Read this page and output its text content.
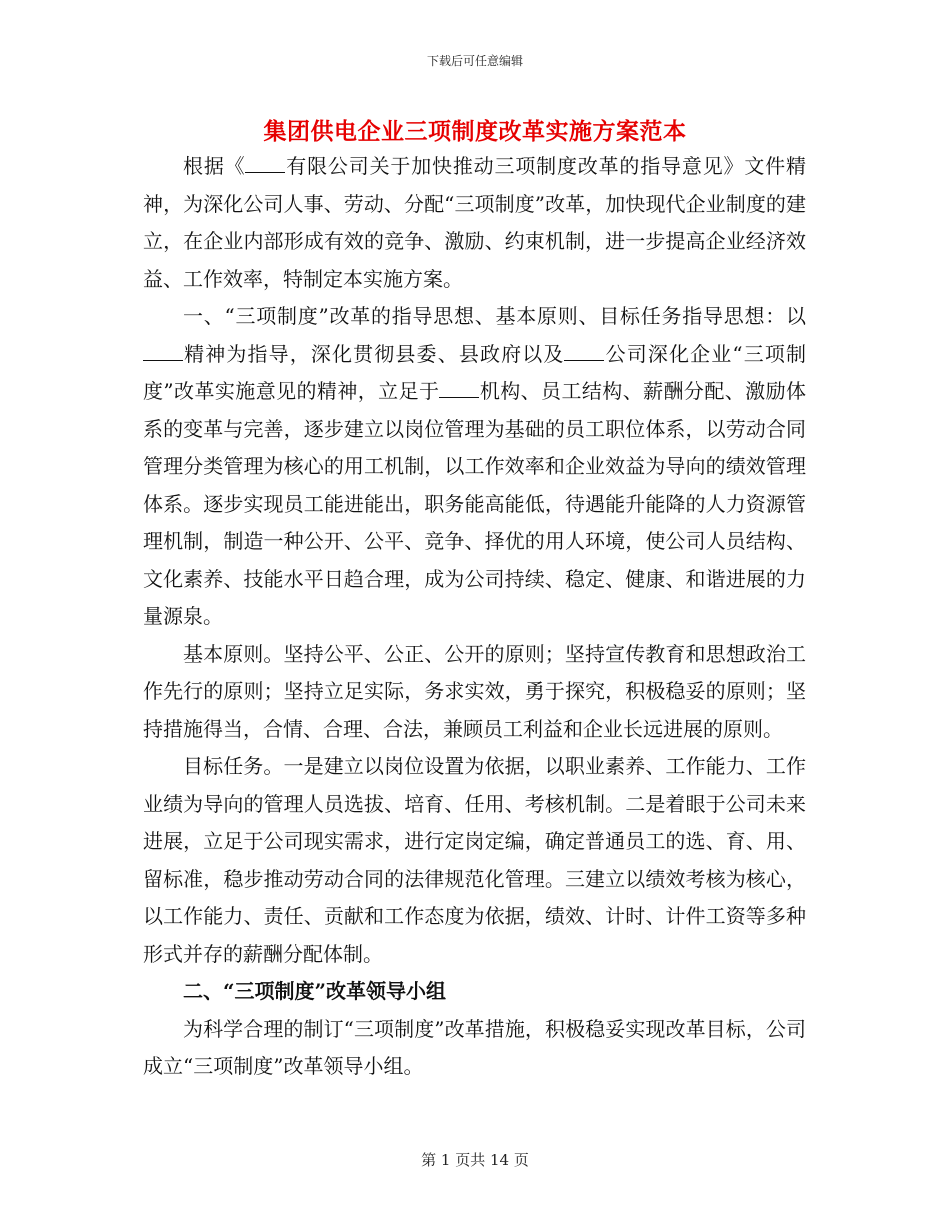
下载后可任意编辑
集团供电企业三项制度改革实施方案范本

根据《 有限公司关于加快推动三项制度改革的指导意见》文件精神，为深化公司人事、劳动、分配“三项制度”改革，加快现代企业制度的建立，在企业内部形成有效的竞争、激励、约束机制，进一步提高企业经济效益、工作效率，特制定本实施方案。

一、“三项制度”改革的指导思想、基本原则、目标任务指导思想：以精神为指导，深化贯彻县委、县政府以及 公司深化企业“三项制度”改革实施意见的精神，立足于 机构、员工结构、薪酬分配、激励体系的变革与完善，逐步建立以岗位管理为基础的员工职位体系，以劳动合同管理分类管理为核心的用工机制，以工作效率和企业效益为导向的绩效管理体系。逐步实现员工能进能出，职务能高能低，待遇能升能降的人力资源管理机制，制造一种公开、公平、竞争、择优的用人环境，使公司人员结构、文化素养、技能水平日趋合理，成为公司持续、稳定、健康、和谐进展的力量源泉。

基本原则。坚持公平、公正、公开的原则；坚持宣传教育和思想政治工作先行的原则；坚持立足实际，务求实效，勇于探究，积极稳妥的原则；坚持措施得当，合情、合理、合法，兼顾员工利益和企业长远进展的原则。

目标任务。一是建立以岗位设置为依据，以职业素养、工作能力、工作业绩为导向的管理人员选拔、培育、任用、考核机制。二是着眼于公司未来进展，立足于公司现实需求，进行定岗定编，确定普通员工的选、育、用、留标准，稳步推动劳动合同的法律规范化管理。三建立以绩效考核为核心，以工作能力、责任、贡献和工作态度为依据，绩效、计时、计件工资等多种形式并存的薪酬分配体制。

二、“三项制度”改革领导小组

为科学合理的制订“三项制度”改革措施，积极稳妥实现改革目标，公司成立“三项制度”改革领导小组。

第 1 页共 14 页
